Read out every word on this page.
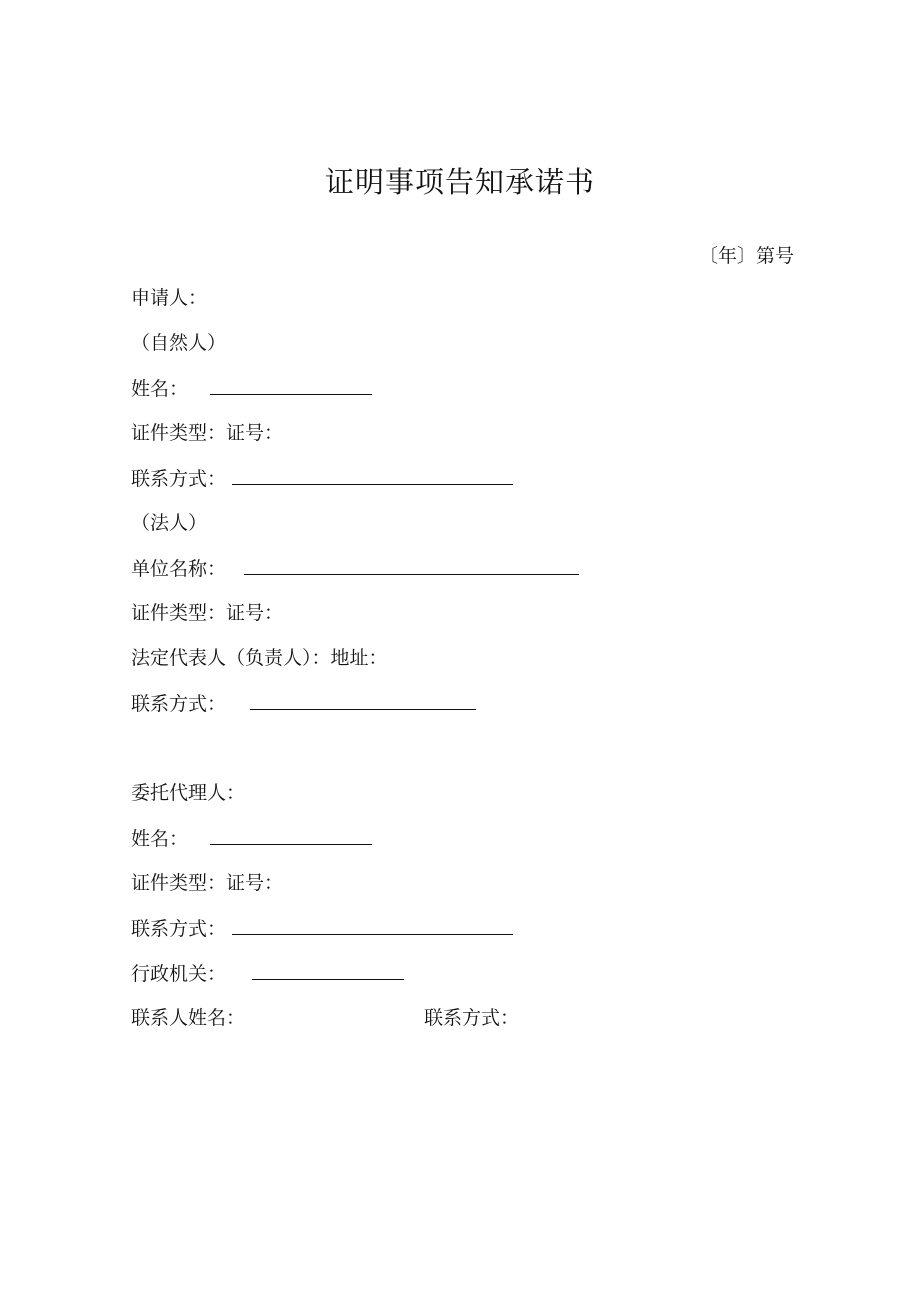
证明事项告知承诺书
〔年〕第号
申请人：
（自然人）
姓名：
证件类型：证号：
联系方式：
（法人）
单位名称：
证件类型：证号：
法定代表人（负责人）：地址：
联系方式：
委托代理人：
姓名：
证件类型：证号：
联系方式：
行政机关：
联系人姓名：	联系方式：
